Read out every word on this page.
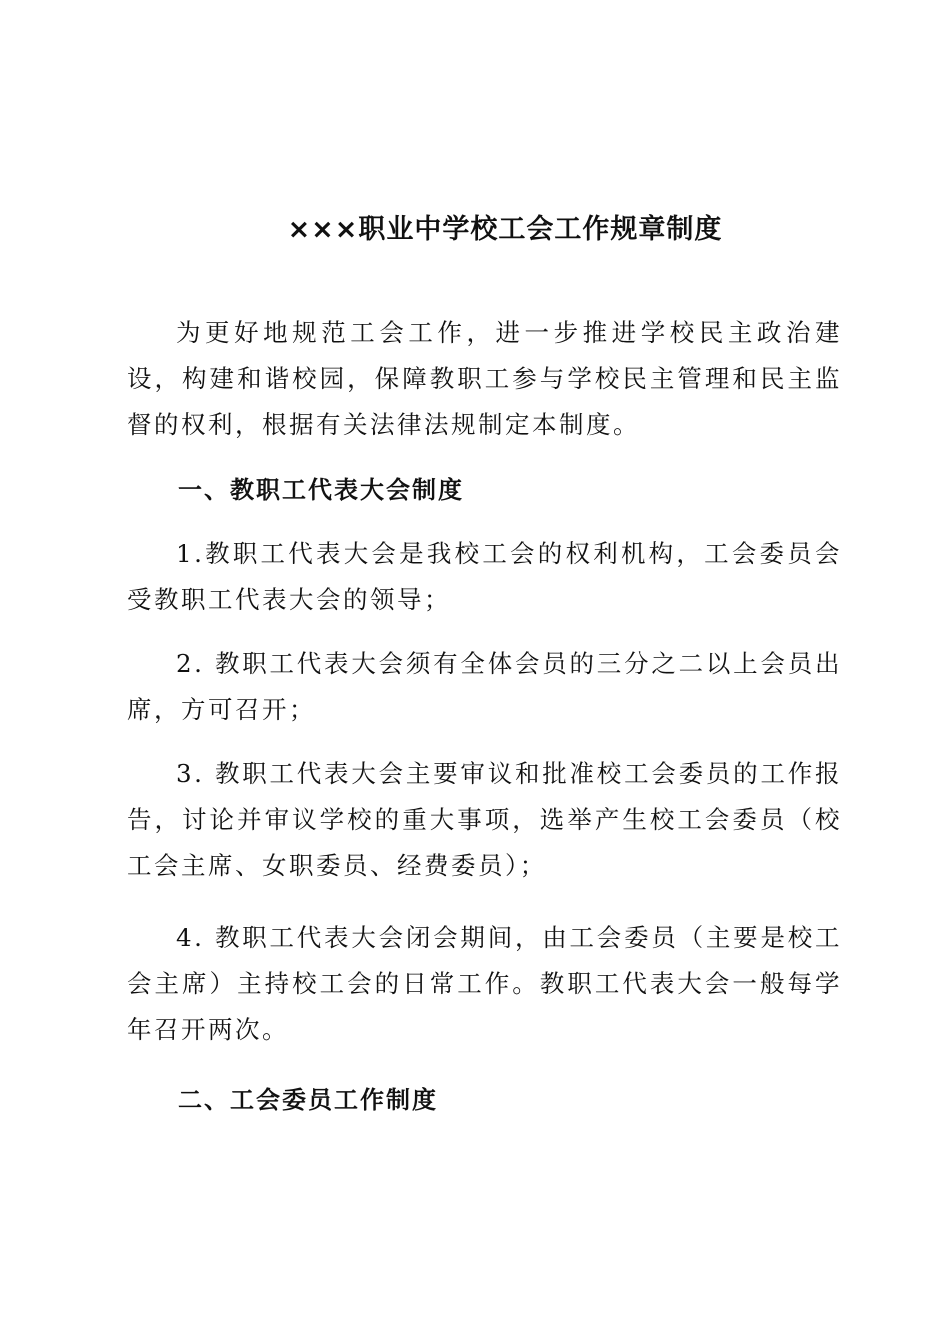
×××职业中学校工会工作规章制度

为更好地规范工会工作，进一步推进学校民主政治建设，构建和谐校园，保障教职工参与学校民主管理和民主监督的权利，根据有关法律法规制定本制度。

一、教职工代表大会制度

1.教职工代表大会是我校工会的权利机构，工会委员会受教职工代表大会的领导；

2. 教职工代表大会须有全体会员的三分之二以上会员出席，方可召开；

3. 教职工代表大会主要审议和批准校工会委员的工作报告，讨论并审议学校的重大事项，选举产生校工会委员（校工会主席、女职委员、经费委员）；

4. 教职工代表大会闭会期间，由工会委员（主要是校工会主席）主持校工会的日常工作。教职工代表大会一般每学年召开两次。

二、工会委员工作制度
